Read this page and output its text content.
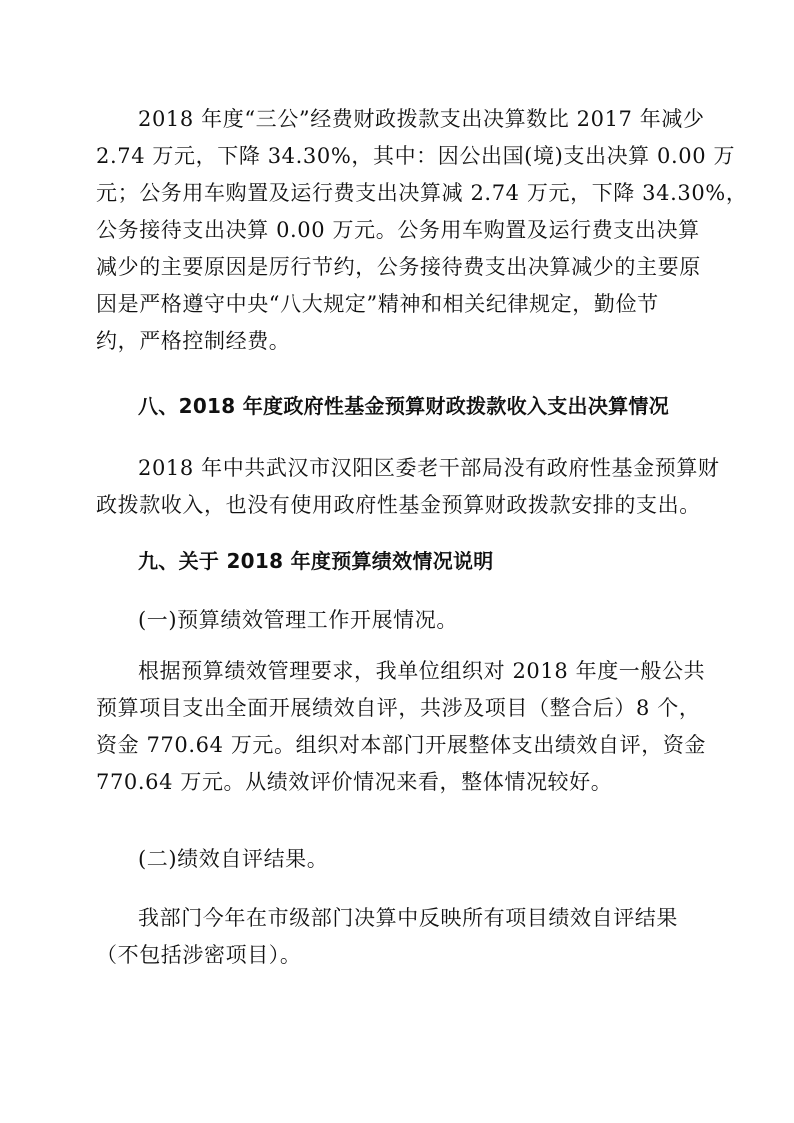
2018 年度“三公”经费财政拨款支出决算数比 2017 年减少
2.74 万元，下降 34.30%，其中：因公出国(境)支出决算 0.00 万
元；公务用车购置及运行费支出决算减 2.74 万元，下降 34.30%，
公务接待支出决算 0.00 万元。公务用车购置及运行费支出决算
减少的主要原因是厉行节约，公务接待费支出决算减少的主要原
因是严格遵守中央“八大规定”精神和相关纪律规定，勤俭节
约，严格控制经费。
八、2018 年度政府性基金预算财政拨款收入支出决算情况
2018 年中共武汉市汉阳区委老干部局没有政府性基金预算财
政拨款收入，也没有使用政府性基金预算财政拨款安排的支出。
九、关于 2018 年度预算绩效情况说明

(一)预算绩效管理工作开展情况。

根据预算绩效管理要求，我单位组织对 2018 年度一般公共
预算项目支出全面开展绩效自评，共涉及项目（整合后）8 个，
资金 770.64 万元。组织对本部门开展整体支出绩效自评，资金
770.64 万元。从绩效评价情况来看，整体情况较好。

(二)绩效自评结果。

我部门今年在市级部门决算中反映所有项目绩效自评结果
（不包括涉密项目）。
